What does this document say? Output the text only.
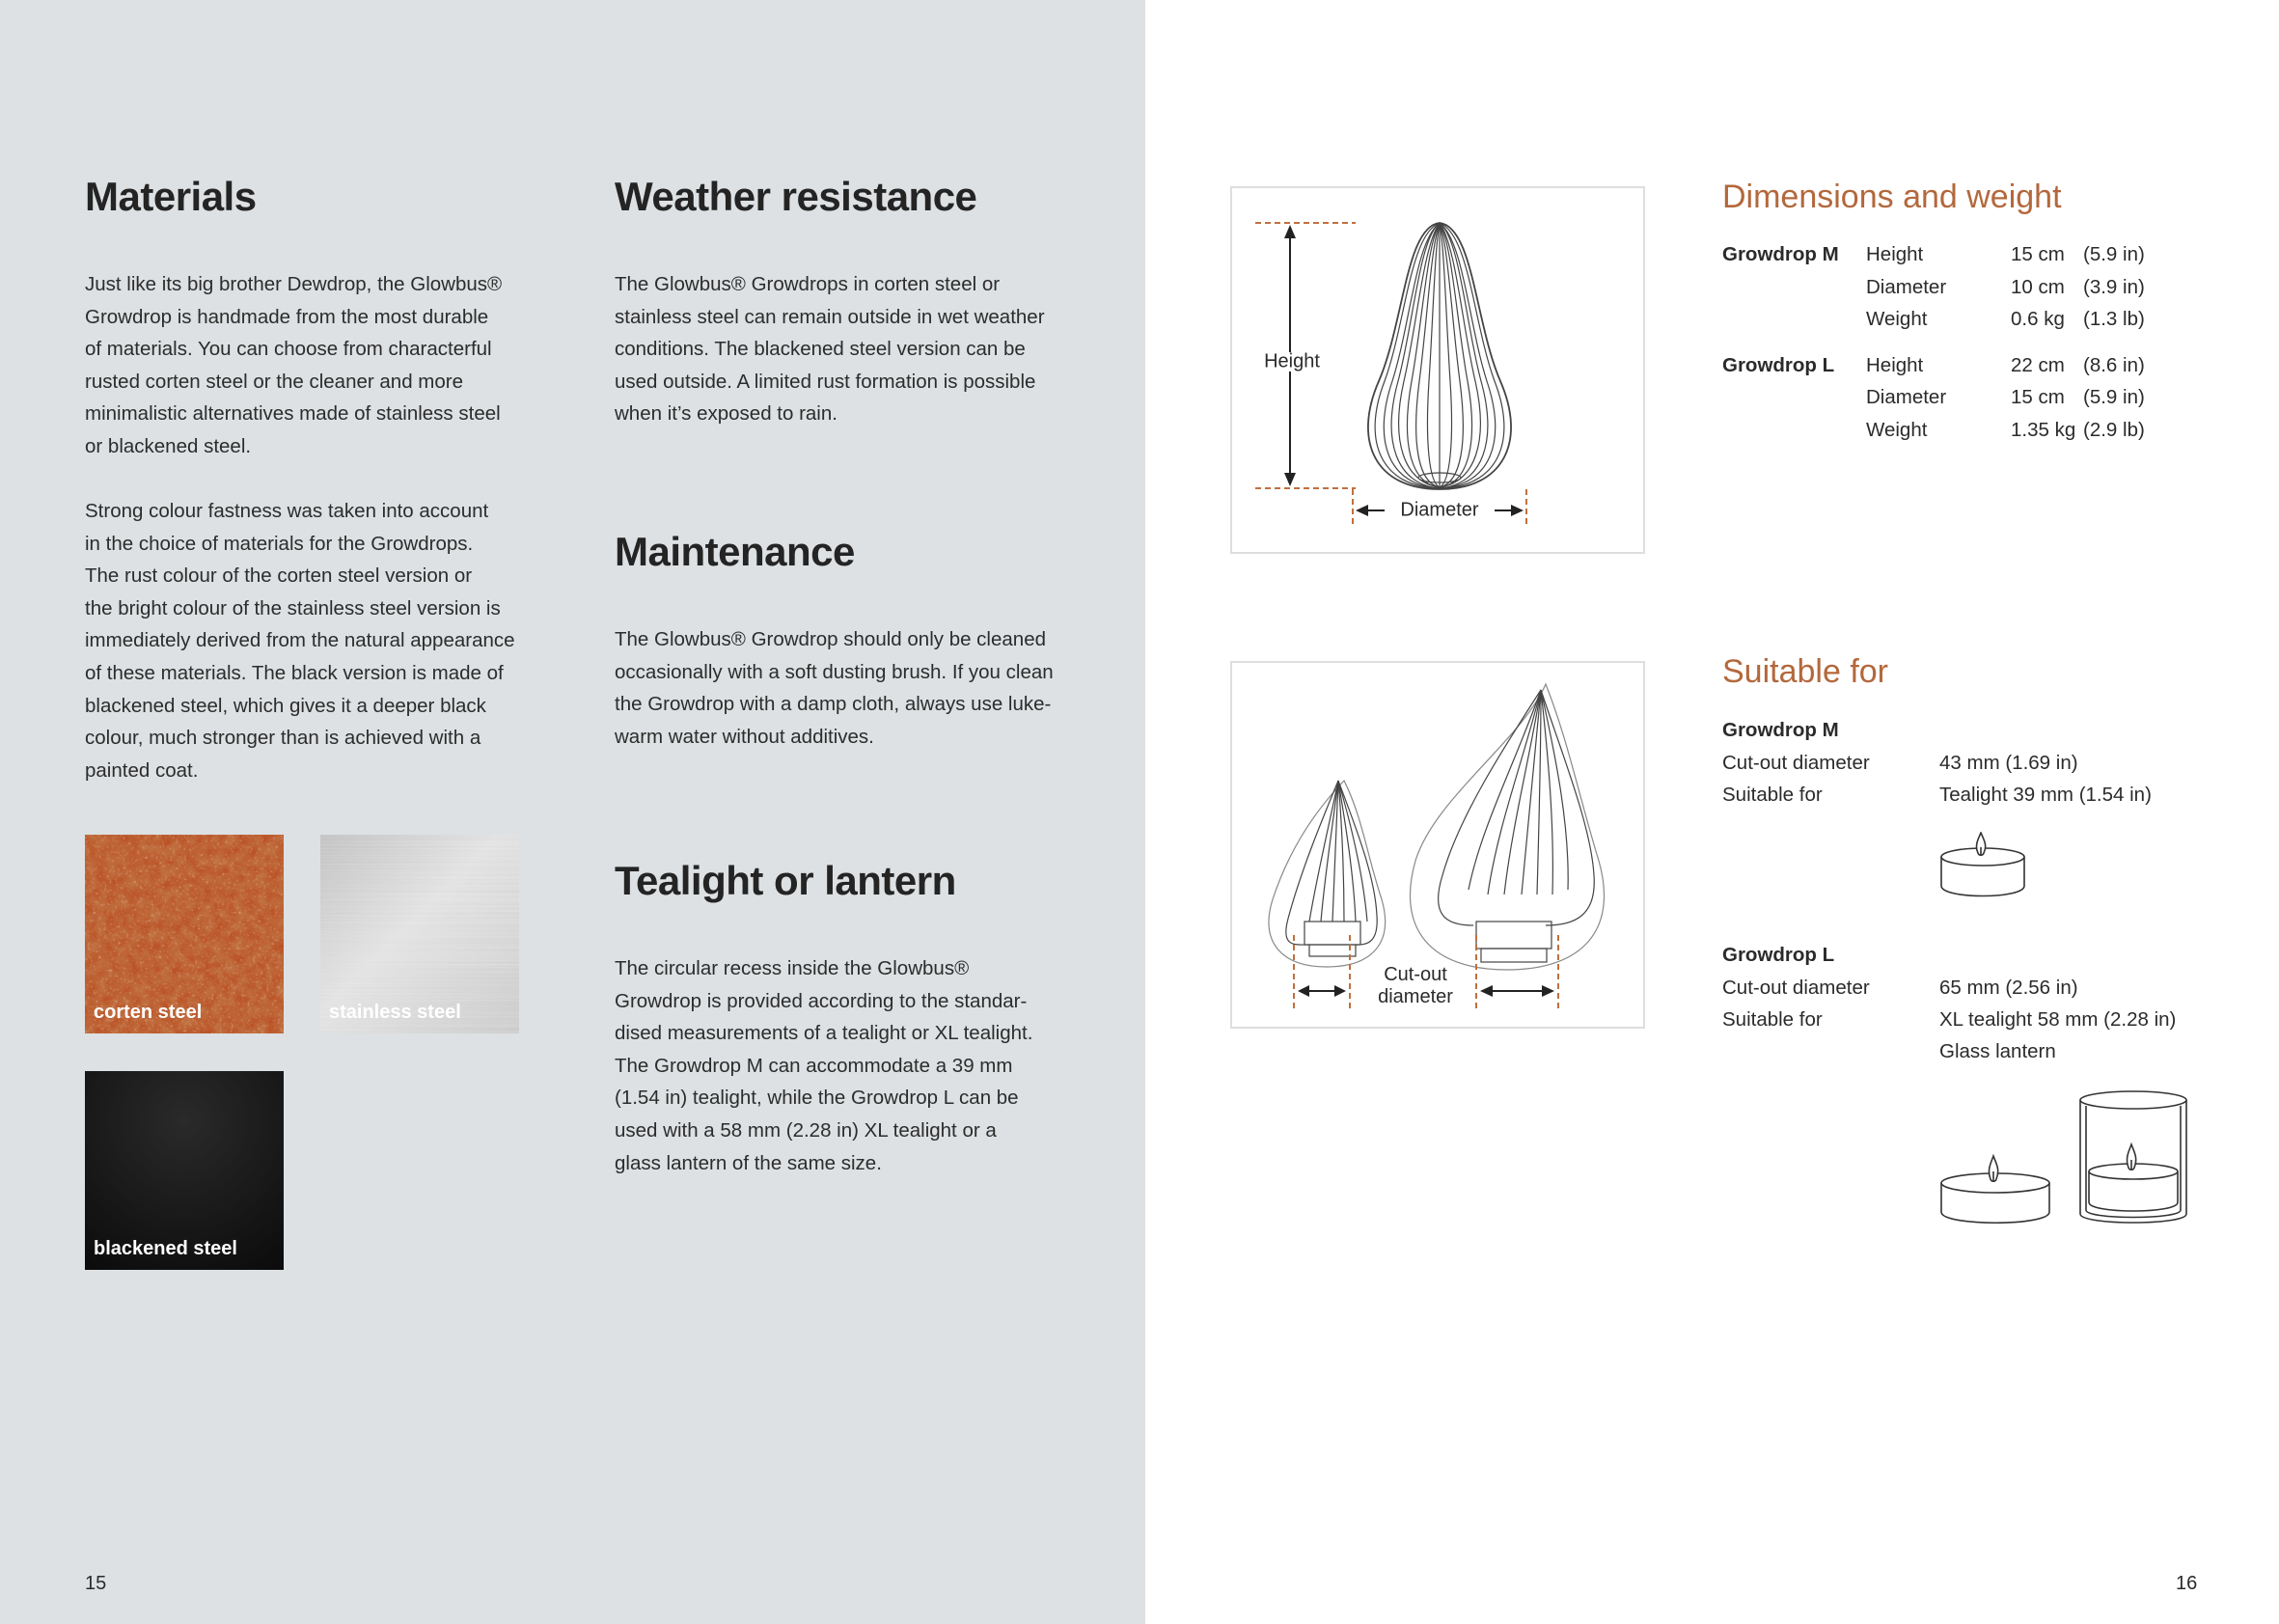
Materials

Just like its big brother Dewdrop, the Glowbus®
Growdrop is handmade from the most durable
of materials. You can choose from characterful
rusted corten steel or the cleaner and more
minimalistic alternatives made of stainless steel
or blackened steel.

Strong colour fastness was taken into account
in the choice of materials for the Growdrops.
The rust colour of the corten steel version or
the bright colour of the stainless steel version is
immediately derived from the natural appearance
of these materials. The black version is made of
blackened steel, which gives it a deeper black
colour, much stronger than is achieved with a
painted coat.

corten steel	stainless steel
blackened steel
Weather resistance

The Glowbus® Growdrops in corten steel or
stainless steel can remain outside in wet weather
conditions. The blackened steel version can be
used outside. A limited rust formation is possible
when it’s exposed to rain.

Maintenance

The Glowbus® Growdrop should only be cleaned
occasionally with a soft dusting brush. If you clean
the Growdrop with a damp cloth, always use luke-
warm water without additives.

Tealight or lantern

The circular recess inside the Glowbus®
Growdrop is provided according to the standar-
dised measurements of a tealight or XL tealight.
The Growdrop M can accommodate a 39 mm
(1.54 in) tealight, while the Growdrop L can be
used with a 58 mm (2.28 in) XL tealight or a
glass lantern of the same size.

15
Height
Diameter
Cut-out
diameter
Dimensions and weight
Growdrop M Height	15 cm (5.9 in)
Diameter	10 cm (3.9 in)
Weight	0.6 kg (1.3 lb)
Growdrop L Height	22 cm (8.6 in)
Diameter	15 cm (5.9 in)
Weight	1.35 kg (2.9 lb)
Suitable for
Growdrop M
Cut-out diameter	43 mm (1.69 in)
Suitable for	Tealight 39 mm (1.54 in)
Growdrop L
Cut-out diameter	65 mm (2.56 in)
Suitable for	XL tealight 58 mm (2.28 in)
Glass lantern
16
